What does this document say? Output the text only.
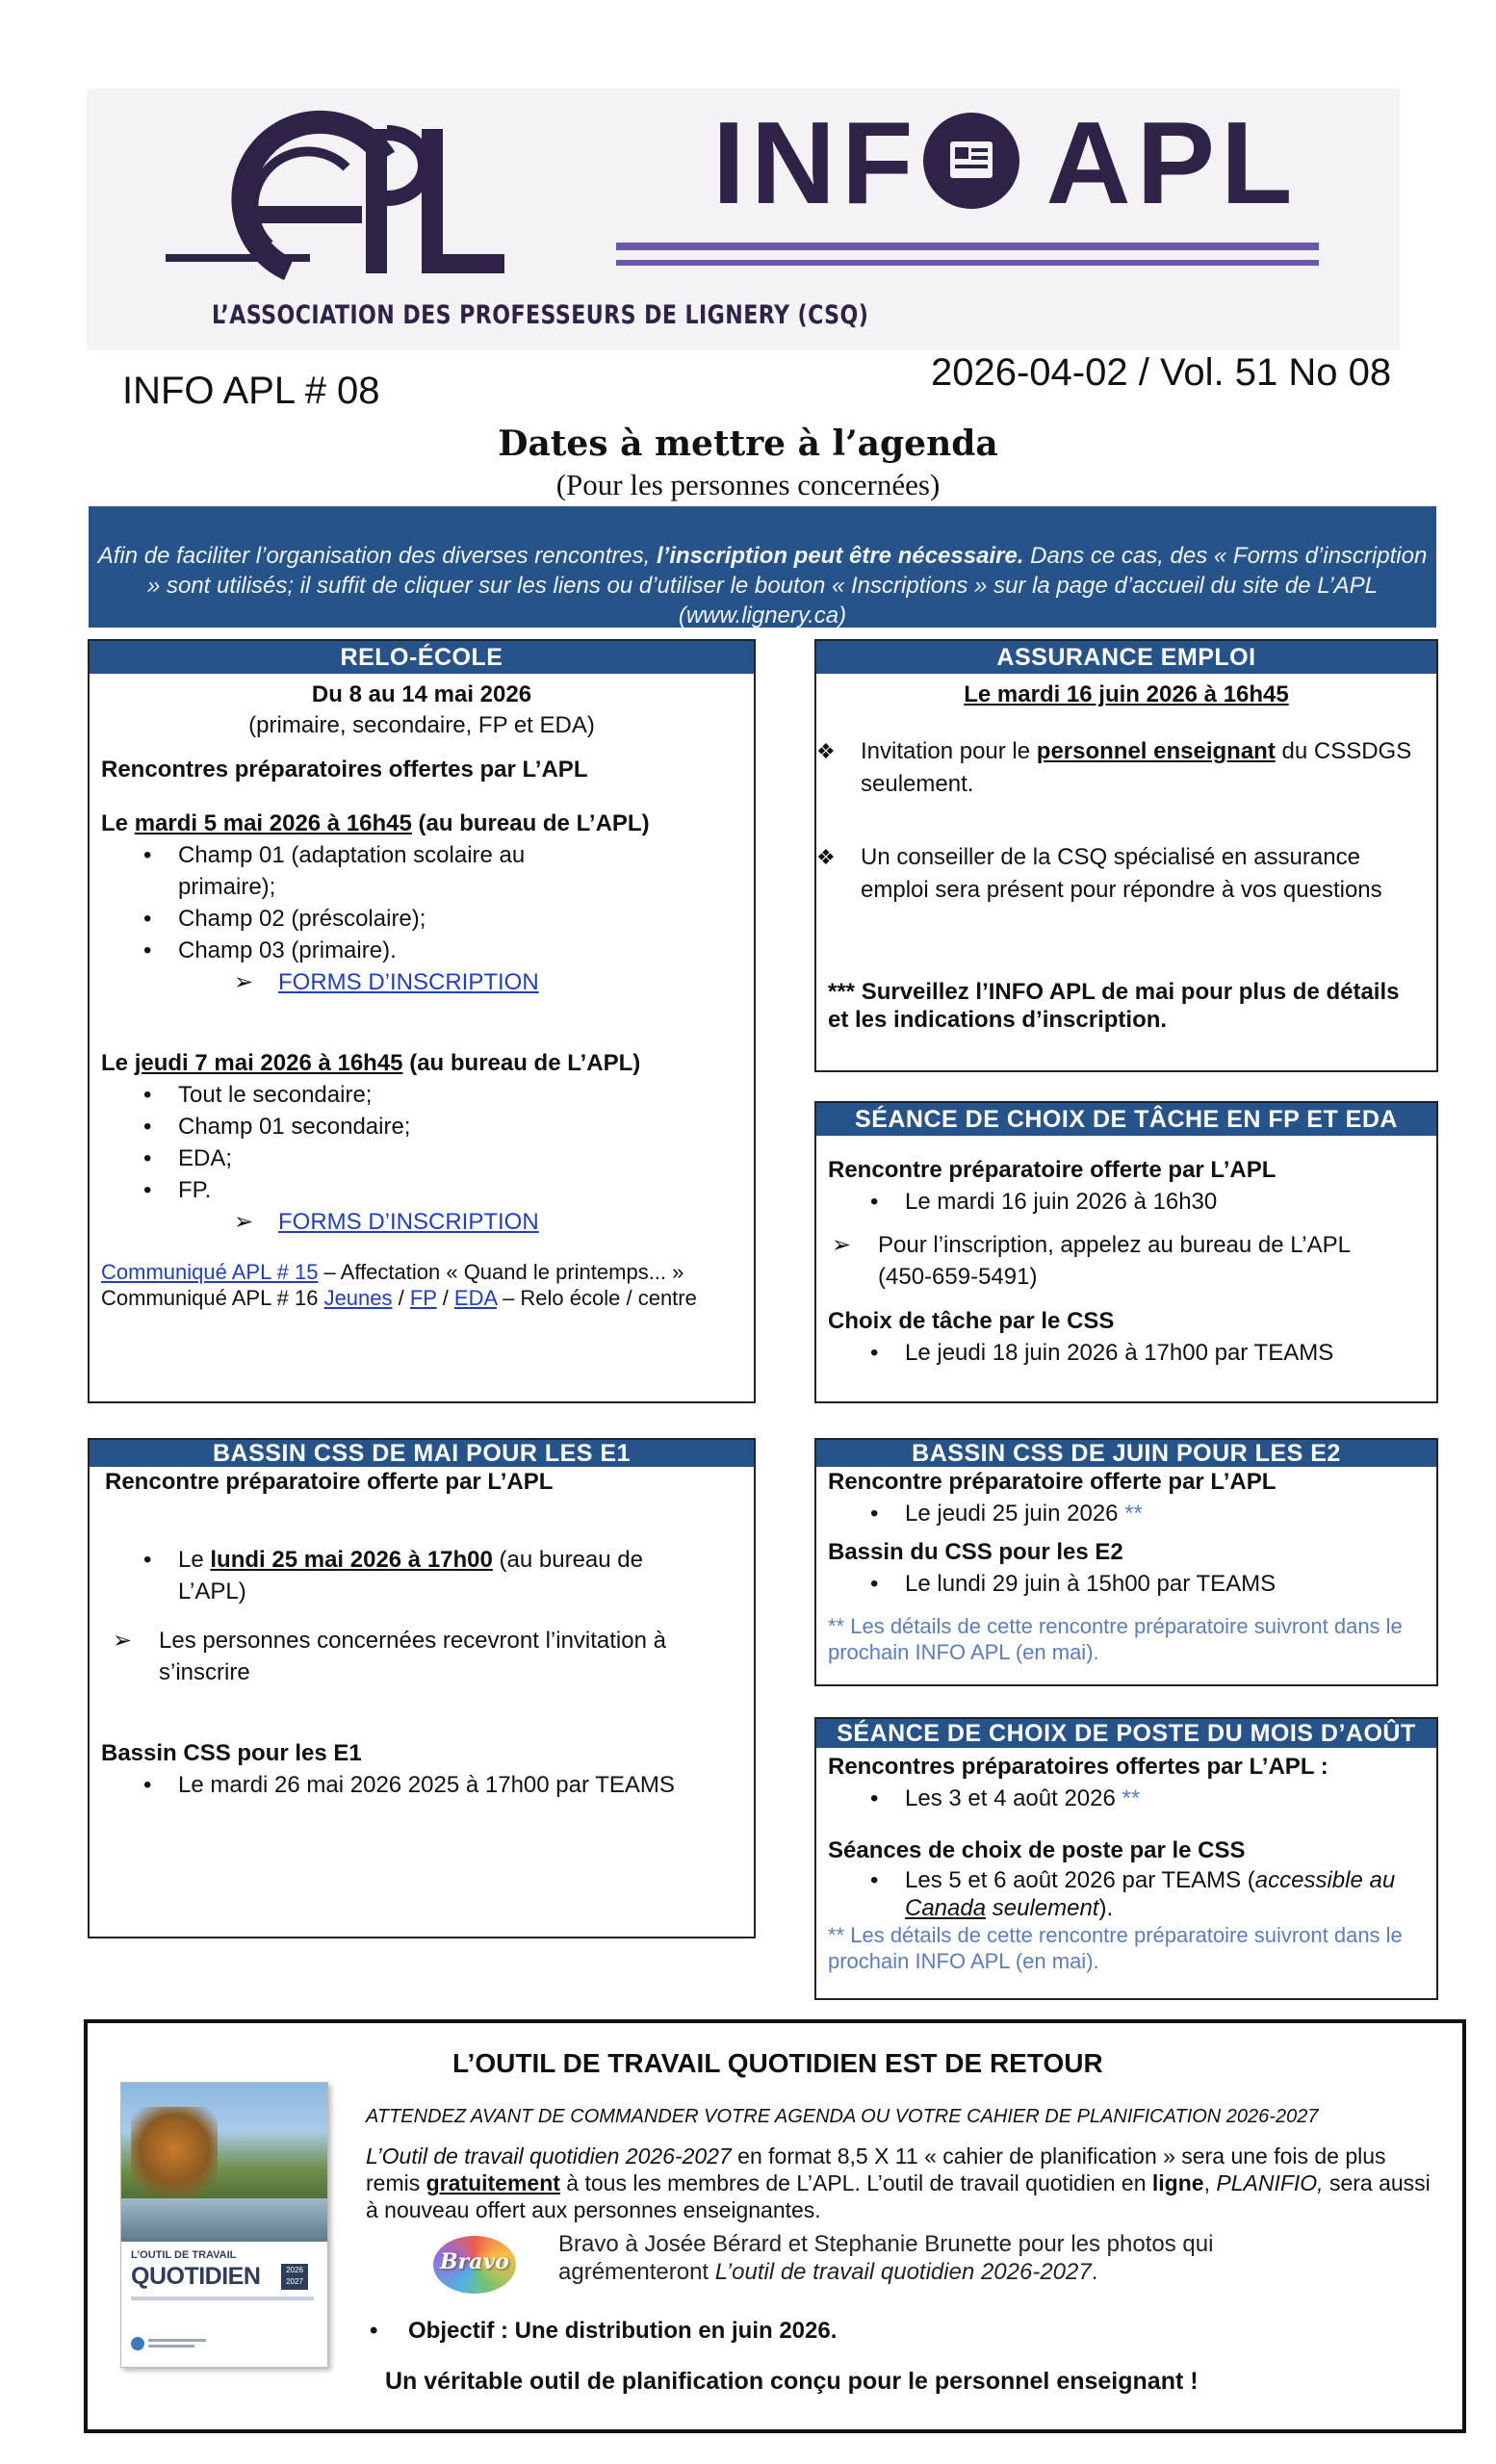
INF APL
L’ASSOCIATION DES PROFESSEURS DE LIGNERY (CSQ)
INFO APL # 08	2026-04-02 / Vol. 51 No 08
Dates à mettre à l’agenda
(Pour les personnes concernées)
Afin de faciliter l’organisation des diverses rencontres, l’inscription peut être nécessaire. Dans ce cas, des « Forms d’inscription » sont utilisés; il suffit de cliquer sur les liens ou d’utiliser le bouton « Inscriptions » sur la page d’accueil du site de L’APL (www.lignery.ca)
RELO-ÉCOLE
Du 8 au 14 mai 2026
(primaire, secondaire, FP et EDA)
Rencontres préparatoires offertes par L’APL
Le mardi 5 mai 2026 à 16h45 (au bureau de L’APL)
• Champ 01 (adaptation scolaire au primaire);
• Champ 02 (préscolaire);
• Champ 03 (primaire).
➢ FORMS D’INSCRIPTION
Le jeudi 7 mai 2026 à 16h45 (au bureau de L’APL)
• Tout le secondaire;
• Champ 01 secondaire;
• EDA;
• FP.
➢ FORMS D’INSCRIPTION
Communiqué APL # 15 – Affectation « Quand le printemps... »
Communiqué APL # 16 Jeunes / FP / EDA – Relo école / centre
ASSURANCE EMPLOI
Le mardi 16 juin 2026 à 16h45
❖ Invitation pour le personnel enseignant du CSSDGS seulement.
❖ Un conseiller de la CSQ spécialisé en assurance emploi sera présent pour répondre à vos questions
*** Surveillez l’INFO APL de mai pour plus de détails et les indications d’inscription.
SÉANCE DE CHOIX DE TÂCHE EN FP ET EDA
Rencontre préparatoire offerte par L’APL
• Le mardi 16 juin 2026 à 16h30
➢ Pour l’inscription, appelez au bureau de L’APL (450-659-5491)
Choix de tâche par le CSS
• Le jeudi 18 juin 2026 à 17h00 par TEAMS
BASSIN CSS DE MAI POUR LES E1
Rencontre préparatoire offerte par L’APL
• Le lundi 25 mai 2026 à 17h00 (au bureau de L’APL)
➢ Les personnes concernées recevront l’invitation à s’inscrire
Bassin CSS pour les E1
• Le mardi 26 mai 2026 2025 à 17h00 par TEAMS
BASSIN CSS DE JUIN POUR LES E2
Rencontre préparatoire offerte par L’APL
• Le jeudi 25 juin 2026 **
Bassin du CSS pour les E2
• Le lundi 29 juin à 15h00 par TEAMS
** Les détails de cette rencontre préparatoire suivront dans le prochain INFO APL (en mai).
SÉANCE DE CHOIX DE POSTE DU MOIS D’AOÛT
Rencontres préparatoires offertes par L’APL :
• Les 3 et 4 août 2026 **
Séances de choix de poste par le CSS
• Les 5 et 6 août 2026 par TEAMS (accessible au Canada seulement).
** Les détails de cette rencontre préparatoire suivront dans le prochain INFO APL (en mai).
L’OUTIL DE TRAVAIL
QUOTIDIEN	2026
2027
L’OUTIL DE TRAVAIL QUOTIDIEN EST DE RETOUR
ATTENDEZ AVANT DE COMMANDER VOTRE AGENDA OU VOTRE CAHIER DE PLANIFICATION 2026-2027
L’Outil de travail quotidien 2026-2027 en format 8,5 X 11 « cahier de planification » sera une fois de plus remis gratuitement à tous les membres de L’APL. L’outil de travail quotidien en ligne, PLANIFIO, sera aussi à nouveau offert aux personnes enseignantes.
Bravo
Bravo à Josée Bérard et Stephanie Brunette pour les photos qui agrémenteront L’outil de travail quotidien 2026-2027.
• Objectif : Une distribution en juin 2026.
Un véritable outil de planification conçu pour le personnel enseignant !
